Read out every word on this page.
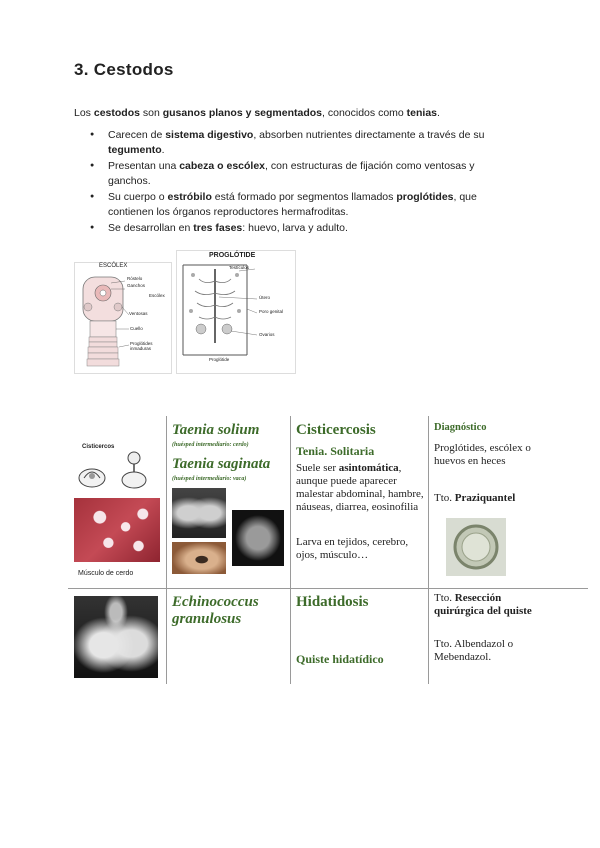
3. Cestodos
Los cestodos son gusanos planos y segmentados, conocidos como tenias.
● Carecen de sistema digestivo, absorben nutrientes directamente a través de su tegumento.
● Presentan una cabeza o escólex, con estructuras de fijación como ventosas y ganchos.
● Su cuerpo o estróbilo está formado por segmentos llamados proglótides, que contienen los órganos reproductores hermafroditas.
● Se desarrollan en tres fases: huevo, larva y adulto.
ESCÓLEX
Róstelo
Ganchos
Escólex
Ventosas
Cuello
Proglótides inmaduras
PROGLÓTIDE
Testículos
Útero
Poro genital
Ovarios
Proglótide
Cisticercos
Músculo de cerdo
Taenia solium
(huésped intermediario: cerdo)
Taenia saginata
(huésped intermediario: vaca)
Cisticercosis
Tenia. Solitaria
Suele ser asintomática, aunque puede aparecer malestar abdominal, hambre, náuseas, diarrea, eosinofilia
Larva en tejidos, cerebro, ojos, músculo…
Diagnóstico
Proglótides, escólex o huevos en heces
Tto. Praziquantel
Echinococcus granulosus
Hidatidosis
Quiste hidatídico
Tto. Resección quirúrgica del quiste
Tto. Albendazol o Mebendazol.
